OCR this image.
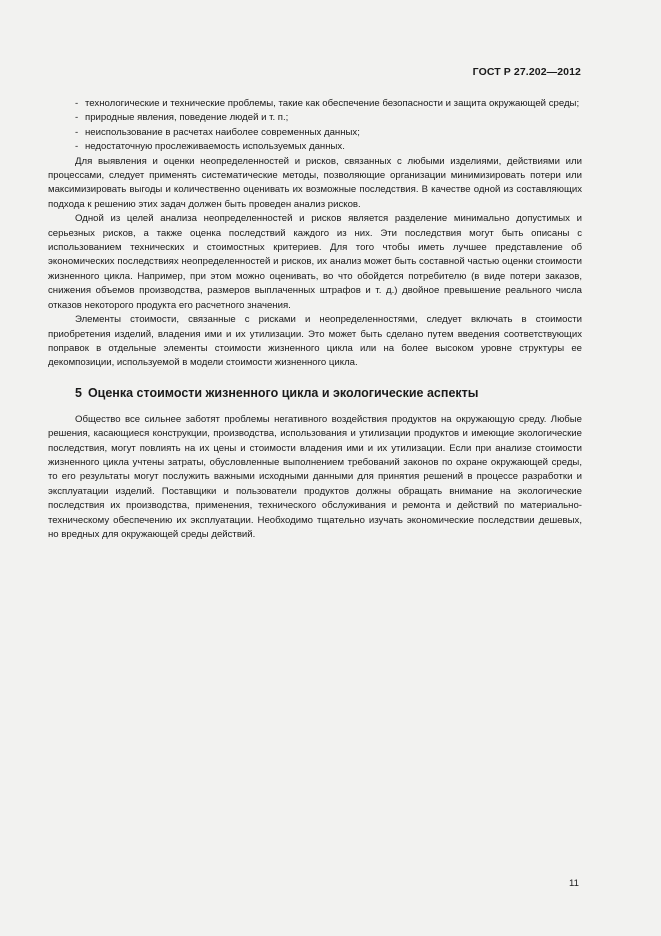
ГОСТ Р 27.202—2012
- технологические и технические проблемы, такие как обеспечение безопасности и защита окружающей среды;
- природные явления, поведение людей и т. п.;
- неиспользование в расчетах наиболее современных данных;
- недостаточную прослеживаемость используемых данных.

Для выявления и оценки неопределенностей и рисков, связанных с любыми изделиями, действиями или процессами, следует применять систематические методы, позволяющие организации минимизировать потери или максимизировать выгоды и количественно оценивать их возможные последствия. В качестве одной из составляющих подхода к решению этих задач должен быть проведен анализ рисков.

Одной из целей анализа неопределенностей и рисков является разделение минимально допустимых и серьезных рисков, а также оценка последствий каждого из них. Эти последствия могут быть описаны с использованием технических и стоимостных критериев. Для того чтобы иметь лучшее представление об экономических последствиях неопределенностей и рисков, их анализ может быть составной частью оценки стоимости жизненного цикла. Например, при этом можно оценивать, во что обойдется потребителю (в виде потери заказов, снижения объемов производства, размеров выплаченных штрафов и т. д.) двойное превышение реального числа отказов некоторого продукта его расчетного значения.

Элементы стоимости, связанные с рисками и неопределенностями, следует включать в стоимости приобретения изделий, владения ими и их утилизации. Это может быть сделано путем введения соответствующих поправок в отдельные элементы стоимости жизненного цикла или на более высоком уровне структуры ее декомпозиции, используемой в модели стоимости жизненного цикла.

5 Оценка стоимости жизненного цикла и экологические аспекты

Общество все сильнее заботят проблемы негативного воздействия продуктов на окружающую среду. Любые решения, касающиеся конструкции, производства, использования и утилизации продуктов и имеющие экологические последствия, могут повлиять на их цены и стоимости владения ими и их утилизации. Если при анализе стоимости жизненного цикла учтены затраты, обусловленные выполнением требований законов по охране окружающей среды, то его результаты могут послужить важными исходными данными для принятия решений в процессе разработки и эксплуатации изделий. Поставщики и пользователи продуктов должны обращать внимание на экологические последствия их производства, применения, технического обслуживания и ремонта и действий по материально-техническому обеспечению их эксплуатации. Необходимо тщательно изучать экономические последствии дешевых, но вредных для окружающей среды действий.

11
